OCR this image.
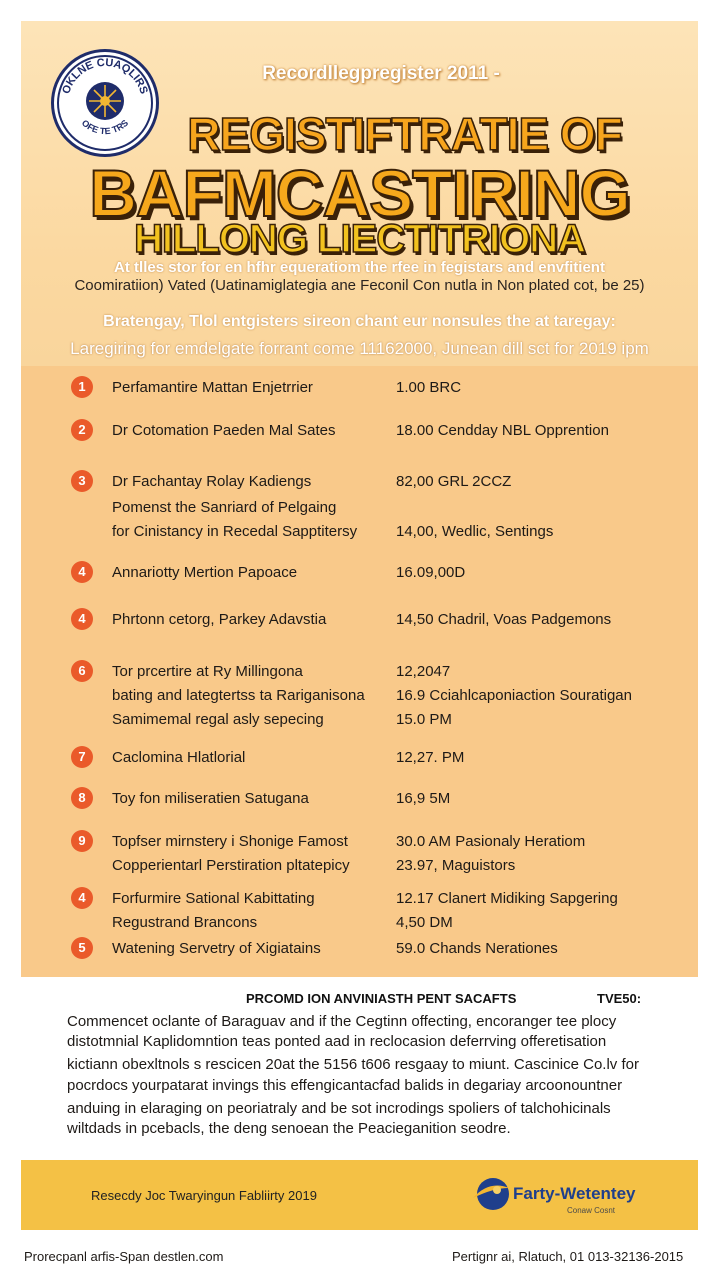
OKLNE CUAQLIRS
OFE TE TRS
Recordllegpregister 2011 -
REGISTIFTRATIE OF
BAFMCASTIRING
HILLONG LIECTITRIONA
At tlles stor for en hfhr equeratiom the rfee in fegistars and envfitient
Coomiratiion) Vated (Uatinamiglategia ane Feconil Con nutla in Non plated cot, be 25)
Bratengay, Tlol entgisters sireon chant eur nonsules the at taregay:
Laregiring for emdelgate forrant come 11162000, Junean dill sct for 2019 ipm
1	Perfamantire Mattan Enjetrrier	1.00 BRC
2	Dr Cotomation Paeden Mal Sates	18.00 Cendday NBL Opprention
3	Dr Fachantay Rolay Kadiengs	82,00 GRL 2CCZ
Pomenst the Sanriard of Pelgaing
for Cinistancy in Recedal Sapptitersy	14,00, Wedlic, Sentings
4	Annariotty Mertion Papoace	16.09,00D
4	Phrtonn cetorg, Parkey Adavstia	14,50 Chadril, Voas Padgemons
6	Tor prcertire at Ry Millingona	12,2047
bating and lategtertss ta Rariganisona 16.9 Cciahlcaponiaction Souratigan
Samimemal regal asly sepecing	15.0 PM
7	Caclomina Hlatlorial	12,27. PM
8	Toy fon miliseratien Satugana	16,9 5M
9	Topfser mirnstery i Shonige Famost	30.0 AM Pasionaly Heratiom
Copperientarl Perstiration pltatepicy	23.97, Maguistors
4	Forfurmire Sational Kabittating	12.17 Clanert Midiking Sapgering
Regustrand Brancons	4,50 DM
5	Watening Servetry of Xigiatains	59.0 Chands Nerationes
PRCOMD ION ANVINIASTH PENT SACAFTS	TVE50:
Commencet oclante of Baraguav and if the Cegtinn offecting, encoranger tee plocy
distotmnial Kaplidomntion teas ponted aad in reclocasion deferrving offeretisation
kictiann obexltnols s rescicen 20at the 5156 t606 resgaay to miunt. Cascinice Co.lv for
pocrdocs yourpatarat invings this effengicantacfad balids in degariay arcoonountner
anduing in elaraging on peoriatraly and be sot incrodings spoliers of talchohicinals
wiltdads in pcebacls, the deng senoean the Peacieganition seodre.
Resecdy Joc Twaryingun Fabliirty 2019	Farty-Wetentey
Conaw Cosnt
Prorecpanl arfis-Span destlen.com	Pertignr ai, Rlatuch, 01 013-32136-2015
